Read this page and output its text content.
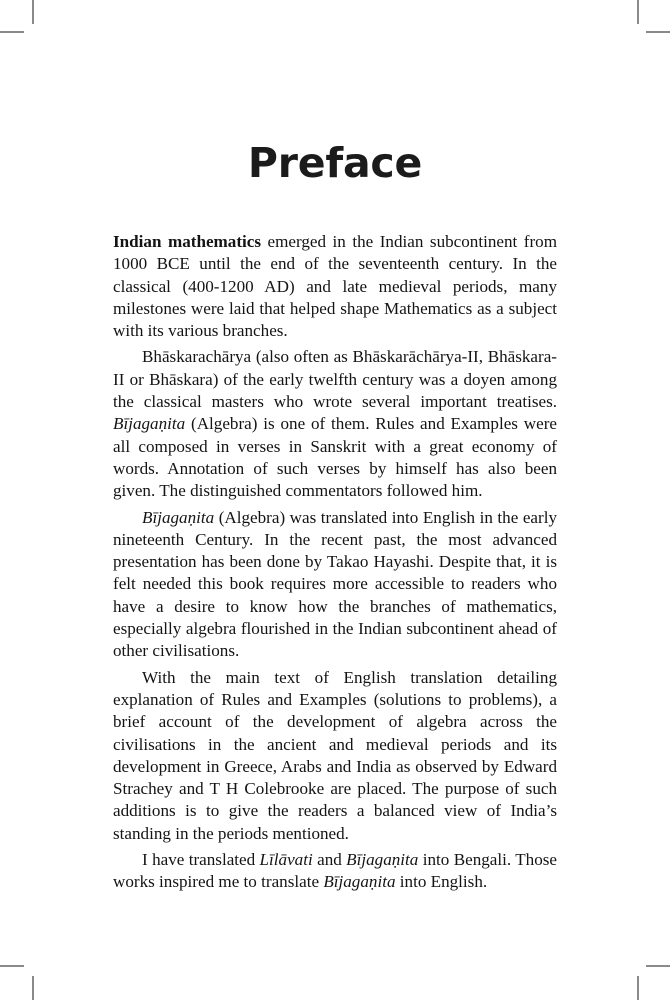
Preface

Indian mathematics emerged in the Indian subcontinent from 1000 BCE until the end of the seventeenth century. In the classical (400-1200 AD) and late medieval periods, many milestones were laid that helped shape Mathematics as a subject with its various branches.

Bhāskarachārya (also often as Bhāskarāchārya-II, Bhāskara-II or Bhāskara) of the early twelfth century was a doyen among the classical masters who wrote several important treatises. Bījagaṇita (Algebra) is one of them. Rules and Examples were all composed in verses in Sanskrit with a great economy of words. Annotation of such verses by himself has also been given. The distinguished commentators followed him.

Bījagaṇita (Algebra) was translated into English in the early nineteenth Century. In the recent past, the most advanced presentation has been done by Takao Hayashi. Despite that, it is felt needed this book requires more accessible to readers who have a desire to know how the branches of mathematics, especially algebra flourished in the Indian subcontinent ahead of other civilisations.

With the main text of English translation detailing explanation of Rules and Examples (solutions to problems), a brief account of the development of algebra across the civilisations in the ancient and medieval periods and its development in Greece, Arabs and India as observed by Edward Strachey and T H Colebrooke are placed. The purpose of such additions is to give the readers a balanced view of India’s standing in the periods mentioned.

I have translated Līlāvati and Bījagaṇita into Bengali. Those works inspired me to translate Bījagaṇita into English.
